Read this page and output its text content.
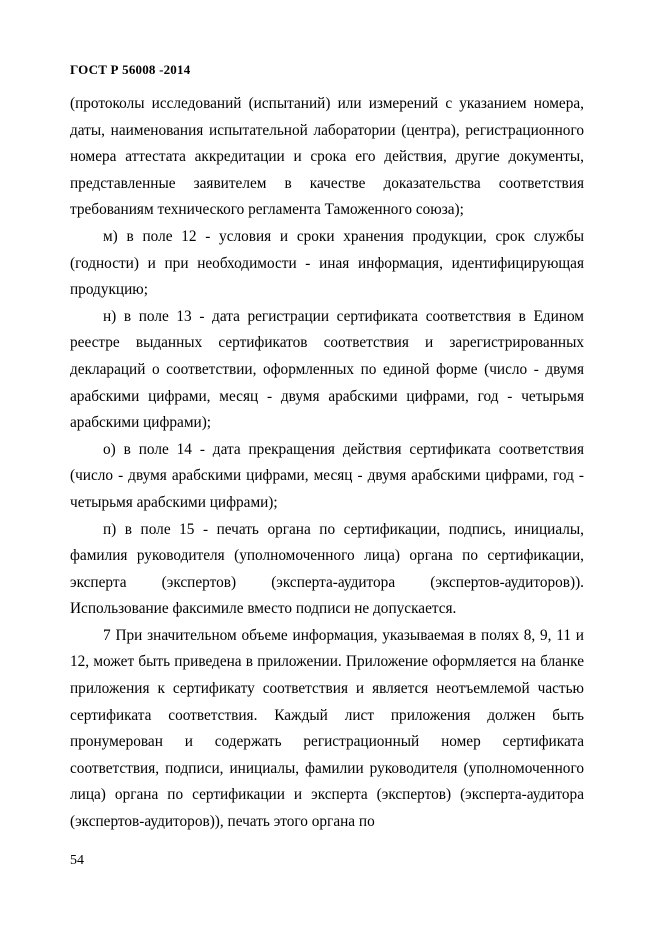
ГОСТ Р 56008 -2014

(протоколы исследований (испытаний) или измерений с указанием номера, даты, наименования испытательной лаборатории (центра), регистрационного номера аттестата аккредитации и срока его действия, другие документы, представленные заявителем в качестве доказательства соответствия требованиям технического регламента Таможенного союза);

м) в поле 12 - условия и сроки хранения продукции, срок службы (годности) и при необходимости - иная информация, идентифицирующая продукцию;

н) в поле 13 - дата регистрации сертификата соответствия в Едином реестре выданных сертификатов соответствия и зарегистрированных деклараций о соответствии, оформленных по единой форме (число - двумя арабскими цифрами, месяц - двумя арабскими цифрами, год - четырьмя арабскими цифрами);

о) в поле 14 - дата прекращения действия сертификата соответствия (число - двумя арабскими цифрами, месяц - двумя арабскими цифрами, год - четырьмя арабскими цифрами);

п) в поле 15 - печать органа по сертификации, подпись, инициалы, фамилия руководителя (уполномоченного лица) органа по сертификации, эксперта (экспертов) (эксперта-аудитора (экспертов-аудиторов)). Использование факсимиле вместо подписи не допускается.

7 При значительном объеме информация, указываемая в полях 8, 9, 11 и 12, может быть приведена в приложении. Приложение оформляется на бланке приложения к сертификату соответствия и является неотъемлемой частью сертификата соответствия. Каждый лист приложения должен быть пронумерован и содержать регистрационный номер сертификата соответствия, подписи, инициалы, фамилии руководителя (уполномоченного лица) органа по сертификации и эксперта (экспертов) (эксперта-аудитора (экспертов-аудиторов)), печать этого органа по

54
